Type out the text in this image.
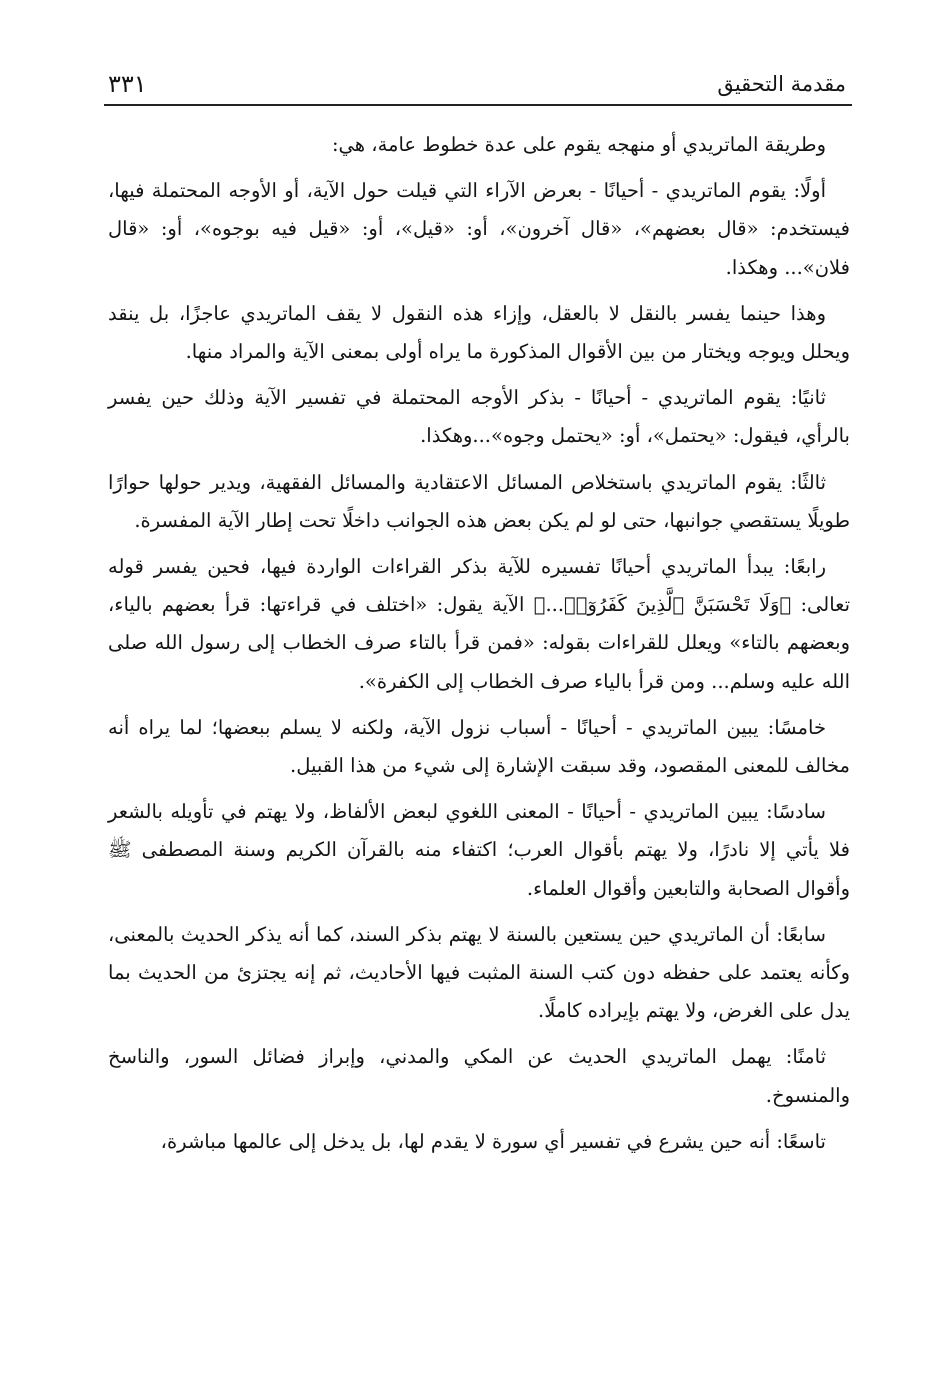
مقدمة التحقيق
٣٣١

وطريقة الماتريدي أو منهجه يقوم على عدة خطوط عامة، هي:

أولًا: يقوم الماتريدي - أحيانًا - بعرض الآراء التي قيلت حول الآية، أو الأوجه المحتملة فيها، فيستخدم: «قال بعضهم»، «قال آخرون»، أو: «قيل»، أو: «قيل فيه بوجوه»، أو: «قال فلان»... وهكذا.

وهذا حينما يفسر بالنقل لا بالعقل، وإزاء هذه النقول لا يقف الماتريدي عاجزًا، بل ينقد ويحلل ويوجه ويختار من بين الأقوال المذكورة ما يراه أولى بمعنى الآية والمراد منها.

ثانيًا: يقوم الماتريدي - أحيانًا - بذكر الأوجه المحتملة في تفسير الآية وذلك حين يفسر بالرأي، فيقول: «يحتمل»، أو: «يحتمل وجوه»...وهكذا.

ثالثًا: يقوم الماتريدي باستخلاص المسائل الاعتقادية والمسائل الفقهية، ويدير حولها حوارًا طويلًا يستقصي جوانبها، حتى لو لم يكن بعض هذه الجوانب داخلًا تحت إطار الآية المفسرة.

رابعًا: يبدأ الماتريدي أحيانًا تفسيره للآية بذكر القراءات الواردة فيها، فحين يفسر قوله تعالى: ﴿وَلَا تَحْسَبَنَّ ٱلَّذِينَ كَفَرُوٓا۟...﴾ الآية يقول: «اختلف في قراءتها: قرأ بعضهم بالياء، وبعضهم بالتاء» ويعلل للقراءات بقوله: «فمن قرأ بالتاء صرف الخطاب إلى رسول الله صلى الله عليه وسلم... ومن قرأ بالياء صرف الخطاب إلى الكفرة».

خامسًا: يبين الماتريدي - أحيانًا - أسباب نزول الآية، ولكنه لا يسلم ببعضها؛ لما يراه أنه مخالف للمعنى المقصود، وقد سبقت الإشارة إلى شيء من هذا القبيل.

سادسًا: يبين الماتريدي - أحيانًا - المعنى اللغوي لبعض الألفاظ، ولا يهتم في تأويله بالشعر فلا يأتي إلا نادرًا، ولا يهتم بأقوال العرب؛ اكتفاء منه بالقرآن الكريم وسنة المصطفى ﷺ وأقوال الصحابة والتابعين وأقوال العلماء.

سابعًا: أن الماتريدي حين يستعين بالسنة لا يهتم بذكر السند، كما أنه يذكر الحديث بالمعنى، وكأنه يعتمد على حفظه دون كتب السنة المثبت فيها الأحاديث، ثم إنه يجتزئ من الحديث بما يدل على الغرض، ولا يهتم بإيراده كاملًا.

ثامنًا: يهمل الماتريدي الحديث عن المكي والمدني، وإبراز فضائل السور، والناسخ والمنسوخ.

تاسعًا: أنه حين يشرع في تفسير أي سورة لا يقدم لها، بل يدخل إلى عالمها مباشرة،
